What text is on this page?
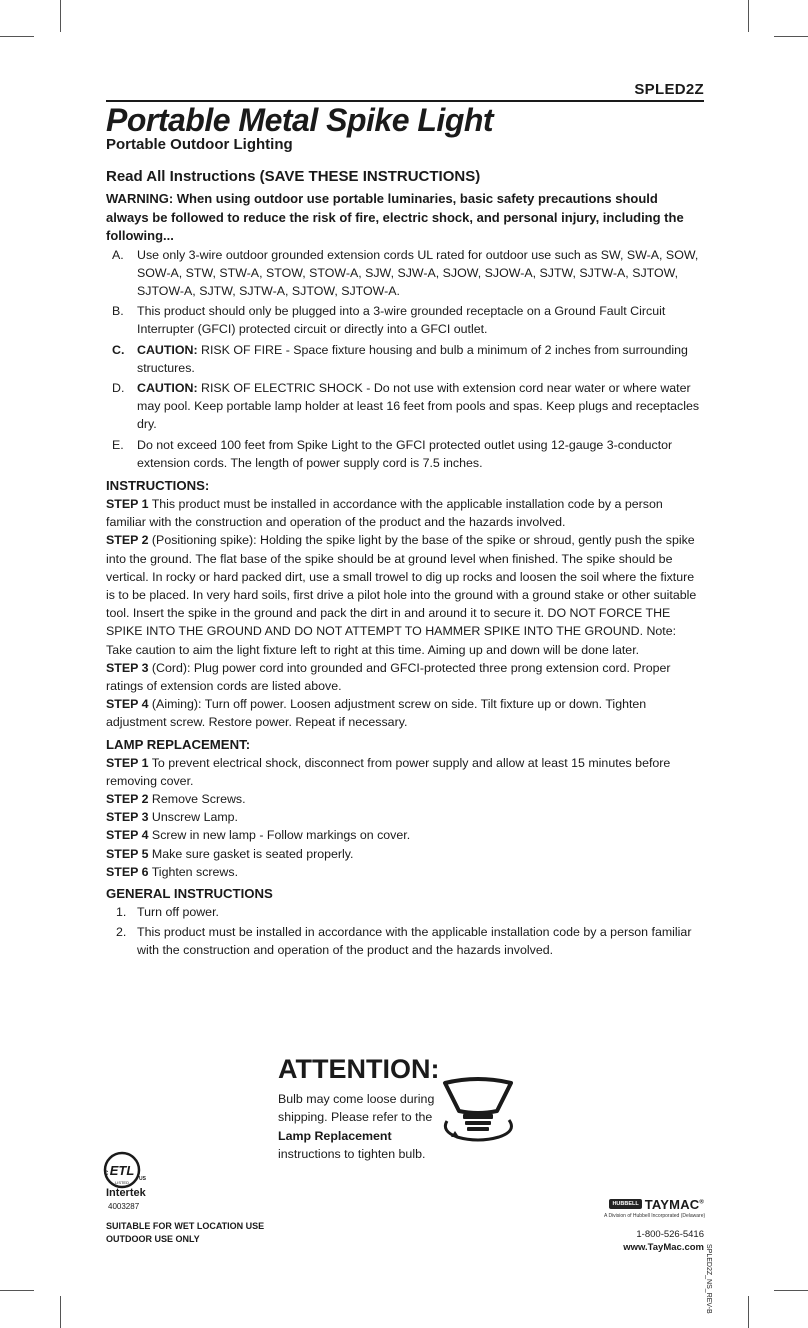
SPLED2Z
Portable Metal Spike Light
Portable Outdoor Lighting
Read All Instructions (SAVE THESE INSTRUCTIONS)

WARNING: When using outdoor use portable luminaries, basic safety precautions should always be followed to reduce the risk of fire, electric shock, and personal injury, including the following...

A.	Use only 3-wire outdoor grounded extension cords UL rated for outdoor use such as SW, SW-A, SOW, SOW-A, STW, STW-A, STOW, STOW-A, SJW, SJW-A, SJOW, SJOW-A, SJTW, SJTW-A, SJTOW, SJTOW-A, SJTW, SJTW-A, SJTOW, SJTOW-A.
B.	This product should only be plugged into a 3-wire grounded receptacle on a Ground Fault Circuit Interrupter (GFCI) protected circuit or directly into a GFCI outlet.
C.	CAUTION: RISK OF FIRE - Space fixture housing and bulb a minimum of 2 inches from surrounding structures.
D.	CAUTION: RISK OF ELECTRIC SHOCK - Do not use with extension cord near water or where water may pool. Keep portable lamp holder at least 16 feet from pools and spas. Keep plugs and receptacles dry.
E.	Do not exceed 100 feet from Spike Light to the GFCI protected outlet using 12-gauge 3-conductor extension cords. The length of power supply cord is 7.5 inches.
INSTRUCTIONS:

STEP 1 This product must be installed in accordance with the applicable installation code by a person familiar with the construction and operation of the product and the hazards involved.

STEP 2 (Positioning spike): Holding the spike light by the base of the spike or shroud, gently push the spike into the ground. The flat base of the spike should be at ground level when finished. The spike should be vertical. In rocky or hard packed dirt, use a small trowel to dig up rocks and loosen the soil where the fixture is to be placed. In very hard soils, first drive a pilot hole into the ground with a ground stake or other suitable tool. Insert the spike in the ground and pack the dirt in and around it to secure it. DO NOT FORCE THE SPIKE INTO THE GROUND AND DO NOT ATTEMPT TO HAMMER SPIKE INTO THE GROUND. Note: Take caution to aim the light fixture left to right at this time. Aiming up and down will be done later.

STEP 3 (Cord): Plug power cord into grounded and GFCI-protected three prong extension cord. Proper ratings of extension cords are listed above.

STEP 4 (Aiming): Turn off power. Loosen adjustment screw on side. Tilt fixture up or down. Tighten adjustment screw. Restore power. Repeat if necessary.

LAMP REPLACEMENT:

STEP 1 To prevent electrical shock, disconnect from power supply and allow at least 15 minutes before removing cover.

STEP 2 Remove Screws.

STEP 3 Unscrew Lamp.

STEP 4 Screw in new lamp - Follow markings on cover.

STEP 5 Make sure gasket is seated properly.

STEP 6 Tighten screws.

GENERAL INSTRUCTIONS
1. Turn off power.
2. This product must be installed in accordance with the applicable installation code by a person familiar with the construction and operation of the product and the hazards involved.
ATTENTION:
Bulb may come loose during shipping. Please refer to the Lamp Replacement instructions to tighten bulb.
ETL
LISTED
C
US
Intertek
4003287
SUITABLE FOR WET LOCATION USE
OUTDOOR USE ONLY
HUBBELL TAYMAC®
A Division of Hubbell Incorporated (Delaware)
1-800-526-5416
www.TayMac.com SPLED2Z_NS_REV-B
